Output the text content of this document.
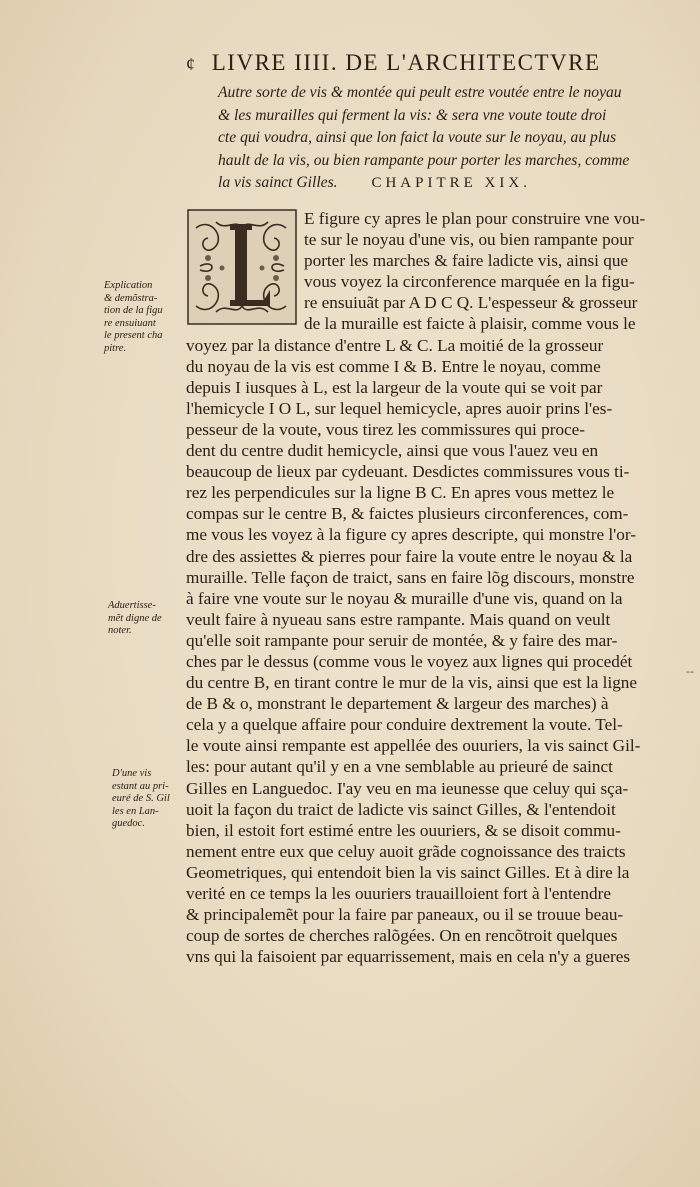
¢ LIVRE IIII. DE L'ARCHITECTVRE
Autre sorte de vis & montée qui peult estre voutée entre le noyau
& les murailles qui ferment la vis: & sera vne voute toute droi
cte qui voudra, ainsi que lon faict la voute sur le noyau, au plus
hault de la vis, ou bien rampante pour porter les marches, comme
la vis sainct Gilles. CHAPITRE XIX.
E figure cy apres le plan pour construire vne vou-
te sur le noyau d'une vis, ou bien rampante pour
porter les marches & faire ladicte vis, ainsi que
vous voyez la circonference marquée en la figu-
re ensuiuãt par A D C Q. L'espesseur & grosseur
de la muraille est faicte à plaisir, comme vous le
voyez par la distance d'entre L & C. La moitié de la grosseur
du noyau de la vis est comme I & B. Entre le noyau, comme
depuis I iusques à L, est la largeur de la voute qui se voit par
l'hemicycle I O L, sur lequel hemicycle, apres auoir prins l'es-
pesseur de la voute, vous tirez les commissures qui proce-
dent du centre dudit hemicycle, ainsi que vous l'auez veu en
beaucoup de lieux par cydeuant. Desdictes commissures vous ti-
rez les perpendicules sur la ligne B C. En apres vous mettez le
compas sur le centre B, & faictes plusieurs circonferences, com-
me vous les voyez à la figure cy apres descripte, qui monstre l'or-
dre des assiettes & pierres pour faire la voute entre le noyau & la
muraille. Telle façon de traict, sans en faire lõg discours, monstre
à faire vne voute sur le noyau & muraille d'une vis, quand on la
veult faire à nyueau sans estre rampante. Mais quand on veult
qu'elle soit rampante pour seruir de montée, & y faire des mar-
ches par le dessus (comme vous le voyez aux lignes qui procedét
du centre B, en tirant contre le mur de la vis, ainsi que est la ligne
de B & o, monstrant le departement & largeur des marches) à
cela y a quelque affaire pour conduire dextrement la voute. Tel-
le voute ainsi rempante est appellée des ouuriers, la vis sainct Gil-
les: pour autant qu'il y en a vne semblable au prieuré de sainct
Gilles en Languedoc. I'ay veu en ma ieunesse que celuy qui sça-
uoit la façon du traict de ladicte vis sainct Gilles, & l'entendoit
bien, il estoit fort estimé entre les ouuriers, & se disoit commu-
nement entre eux que celuy auoit grãde cognoissance des traicts
Geometriques, qui entendoit bien la vis sainct Gilles. Et à dire la
verité en ce temps la les ouuriers trauailloient fort à l'entendre
& principalemẽt pour la faire par paneaux, ou il se trouue beau-
coup de sortes de cherches ralõgées. On en rencõtroit quelques
vns qui la faisoient par equarrissement, mais en cela n'y a gueres
Explication
& demõstra-
tion de la figu
re ensuiuant
le present cha
pitre.
Aduertisse-
mẽt digne de
noter.
D'une vis
estant au pri-
euré de S. Gil
les en Lan-
guedoc.
--
